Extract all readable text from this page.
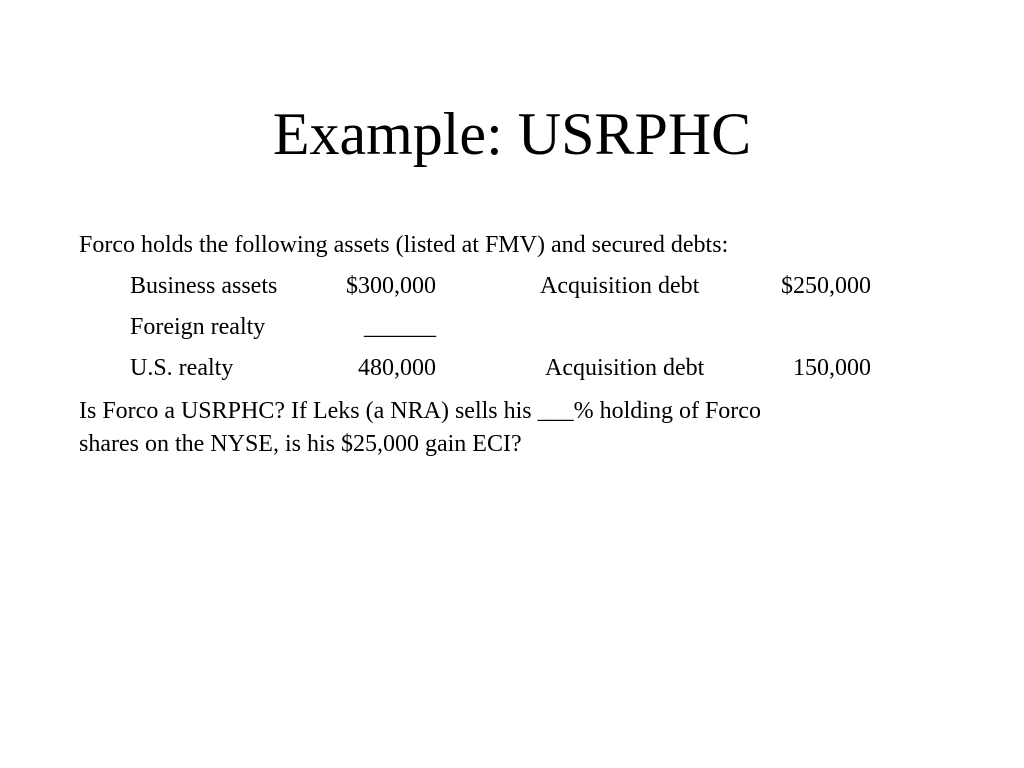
Example: USRPHC
Forco holds the following assets (listed at FMV) and secured debts:
Business assets	$300,000	Acquisition debt	$250,000
Foreign realty	______
U.S. realty	480,000	Acquisition debt	150,000
Is Forco a USRPHC? If Leks (a NRA) sells his ___% holding of Forco
shares on the NYSE, is his $25,000 gain ECI?
